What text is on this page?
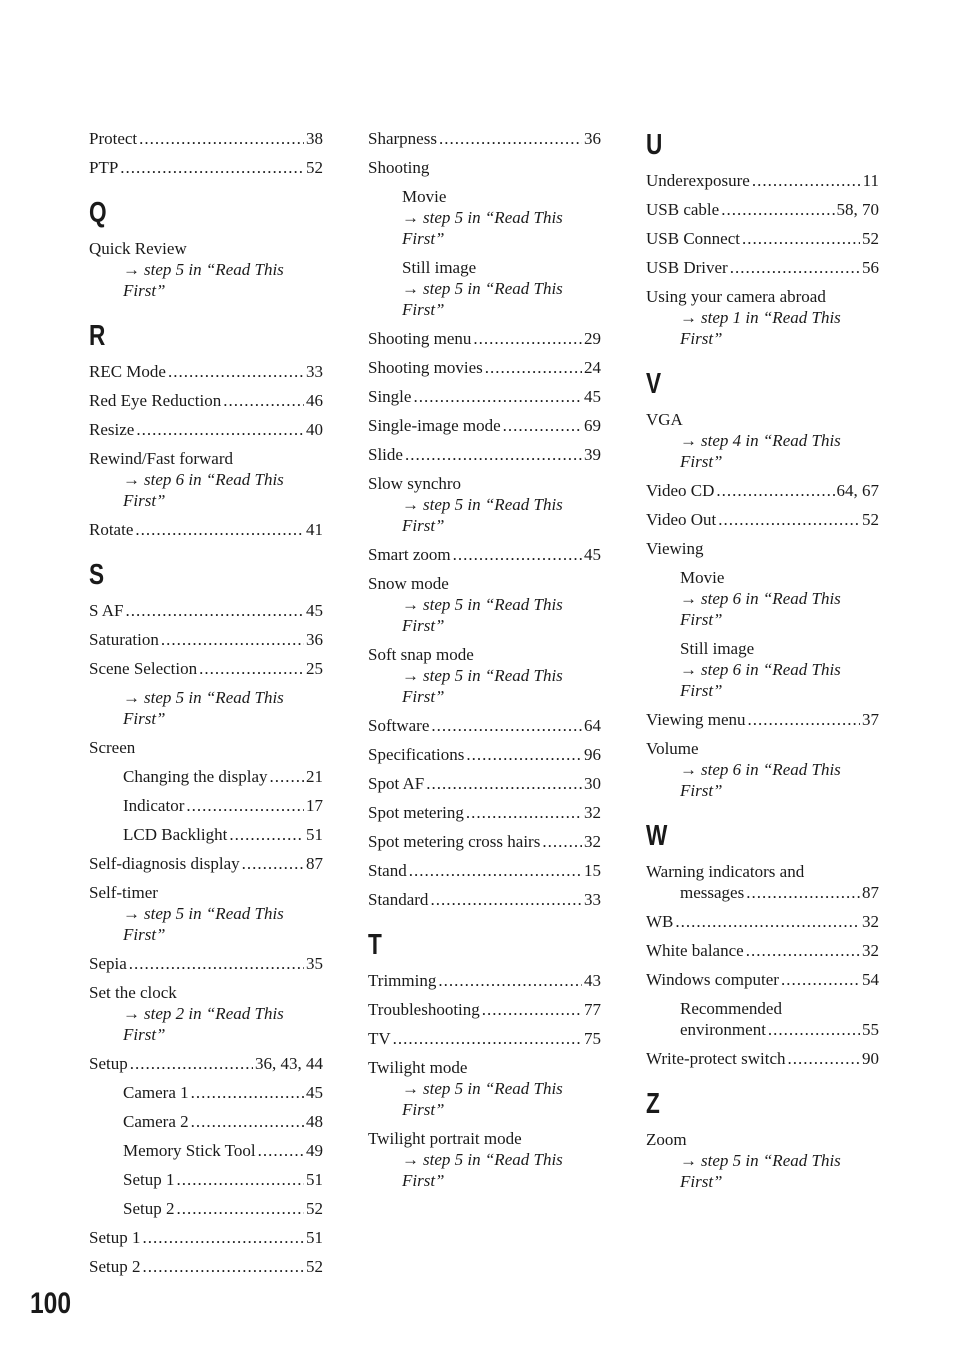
Protect .....	38
PTP .....	52
Q
Quick Review
→ step 5 in “Read This
First”
R
REC Mode .....	33
Red Eye Reduction .....	46
Resize .....	40
Rewind/Fast forward
→ step 6 in “Read This
First”
Rotate .....	41
S
S AF .....	45
Saturation .....	36
Scene Selection .....	25
→ step 5 in “Read This
First”
Screen
Changing the display ..... 21
Indicator .....	17
LCD Backlight .....	51
Self-diagnosis display .....	87
Self-timer
→ step 5 in “Read This
First”
Sepia .....	35
Set the clock
→ step 2 in “Read This
First”
Setup .....	36, 43, 44
Camera 1 .....	45
Camera 2 .....	48
Memory Stick Tool .....	49
Setup 1 .....	51
Setup 2 .....	52
Setup 1 .....	51
Setup 2 .....	52
Sharpness .....	36
Shooting
Movie
→ step 5 in “Read This
First”
Still image
→ step 5 in “Read This
First”
Shooting menu .....	29
Shooting movies .....	24
Single .....	45
Single-image mode .....	69
Slide .....	39
Slow synchro
→ step 5 in “Read This
First”
Smart zoom .....	45
Snow mode
→ step 5 in “Read This
First”
Soft snap mode
→ step 5 in “Read This
First”
Software .....	64
Specifications .....	96
Spot AF .....	30
Spot metering .....	32
Spot metering cross hairs .....	32
Stand .....	15
Standard .....	33
T
Trimming .....	43
Troubleshooting .....	77
TV .....	75
Twilight mode
→ step 5 in “Read This
First”
Twilight portrait mode
→ step 5 in “Read This
First”
U
Underexposure .....	11
USB cable .....	58, 70
USB Connect .....	52
USB Driver .....	56
Using your camera abroad
→ step 1 in “Read This
First”
V
VGA
→ step 4 in “Read This
First”
Video CD .....	64, 67
Video Out .....	52
Viewing
Movie
→ step 6 in “Read This
First”
Still image
→ step 6 in “Read This
First”
Viewing menu .....	37
Volume
→ step 6 in “Read This
First”
W
Warning indicators and
messages .....	87
WB .....	32
White balance .....	32
Windows computer .....	54
Recommended
environment .....	55
Write-protect switch .....	90
Z
Zoom
→ step 5 in “Read This
First”
100
